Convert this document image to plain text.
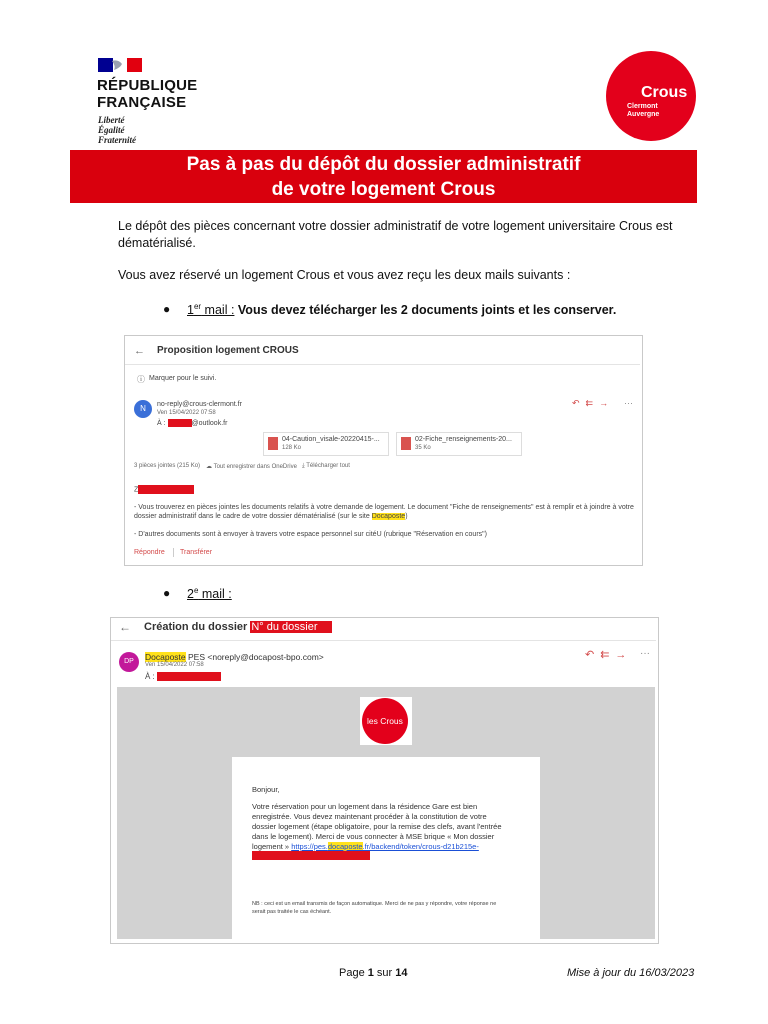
RÉPUBLIQUE
FRANÇAISE
Liberté
Égalité
Fraternité
Crous
Clermont
Auvergne
Pas à pas du dépôt du dossier administratif
de votre logement Crous
Le dépôt des pièces concernant votre dossier administratif de votre logement universitaire Crous est dématérialisé.
Vous avez réservé un logement Crous et vous avez reçu les deux mails suivants :
● 1er mail : Vous devez télécharger les 2 documents joints et les conserver.
← Proposition logement CROUS
ⓘ Marquer pour le suivi.
N	no-reply@crous-clermont.fr
Ven 15/04/2022 07:58
À :	@outlook.fr
↶⇇→ ···
04-Caution_visale-20220415-...
128 Ko
02-Fiche_renseignements-20...
35 Ko
3 pièces jointes (215 Ko) ☁ Tout enregistrer dans OneDrive ⤓ Télécharger tout
Z
- Vous trouverez en pièces jointes les documents relatifs à votre demande de logement. Le document "Fiche de renseignements" est à remplir et à joindre à votre dossier administratif dans le cadre de votre dossier dématérialisé (sur le site Docaposte)
- D'autres documents sont à envoyer à travers votre espace personnel sur citéU (rubrique "Réservation en cours")
Répondre Transférer
● 2e mail :
← Création du dossier N° du dossier
DP	Docaposte PES <noreply@docapost-bpo.com>
Ven 15/04/2022 07:58
À :
↶⇇→ ···
les Crous
Bonjour,
Votre réservation pour un logement dans la résidence Gare est bien enregistrée. Vous devez maintenant procéder à la constitution de votre dossier logement (étape obligatoire, pour la remise des clefs, avant l'entrée dans le logement). Merci de vous connecter à MSE brique « Mon dossier logement » https://pes.docaposte.fr/backend/token/crous-d21b215e-
NB : ceci est un email transmis de façon automatique. Merci de ne pas y répondre, votre réponse ne serait pas traitée le cas échéant.
Page 1 sur 14	Mise à jour du 16/03/2023
